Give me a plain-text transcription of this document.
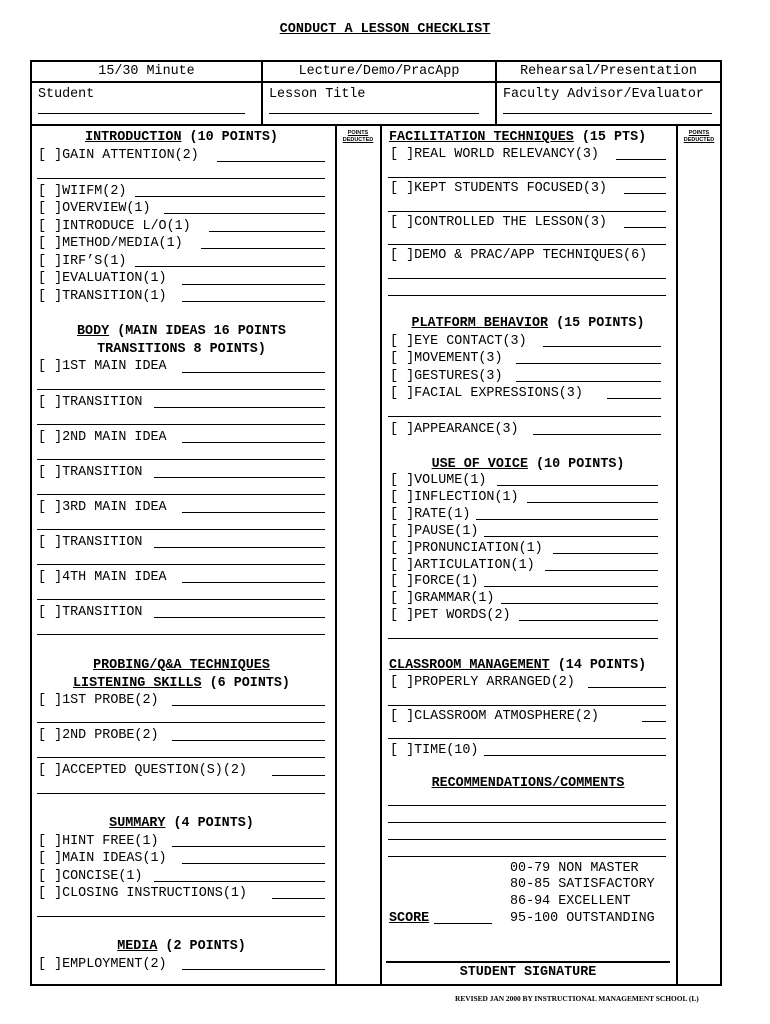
CONDUCT A LESSON CHECKLIST
15/30 Minute
Student
Lecture/Demo/PracApp
Lesson Title
Rehearsal/Presentation
Faculty Advisor/Evaluator
POINTS DEDUCTED
POINTS DEDUCTED
INTRODUCTION (10 POINTS)
[ ]GAIN ATTENTION(2)
[ ]WIIFM(2)
[ ]OVERVIEW(1)
[ ]INTRODUCE L/O(1)
[ ]METHOD/MEDIA(1)
[ ]IRF’S(1)
[ ]EVALUATION(1)
[ ]TRANSITION(1)
BODY (MAIN IDEAS 16 POINTS
TRANSITIONS 8 POINTS)
[ ]1ST MAIN IDEA
[ ]TRANSITION
[ ]2ND MAIN IDEA
[ ]TRANSITION
[ ]3RD MAIN IDEA
[ ]TRANSITION
[ ]4TH MAIN IDEA
[ ]TRANSITION
PROBING/Q&A TECHNIQUES
LISTENING SKILLS (6 POINTS)
[ ]1ST PROBE(2)
[ ]2ND PROBE(2)
[ ]ACCEPTED QUESTION(S)(2)
SUMMARY (4 POINTS)
[ ]HINT FREE(1)
[ ]MAIN IDEAS(1)
[ ]CONCISE(1)
[ ]CLOSING INSTRUCTIONS(1)
MEDIA (2 POINTS)
[ ]EMPLOYMENT(2)
FACILITATION TECHNIQUES (15 PTS)
[ ]REAL WORLD RELEVANCY(3)
[ ]KEPT STUDENTS FOCUSED(3)
[ ]CONTROLLED THE LESSON(3)
[ ]DEMO & PRAC/APP TECHNIQUES(6)
PLATFORM BEHAVIOR (15 POINTS)
[ ]EYE CONTACT(3)
[ ]MOVEMENT(3)
[ ]GESTURES(3)
[ ]FACIAL EXPRESSIONS(3)
[ ]APPEARANCE(3)
USE OF VOICE (10 POINTS)
[ ]VOLUME(1)
[ ]INFLECTION(1)
[ ]RATE(1)
[ ]PAUSE(1)
[ ]PRONUNCIATION(1)
[ ]ARTICULATION(1)
[ ]FORCE(1)
[ ]GRAMMAR(1)
[ ]PET WORDS(2)
CLASSROOM MANAGEMENT (14 POINTS)
[ ]PROPERLY ARRANGED(2)
[ ]CLASSROOM ATMOSPHERE(2)
[ ]TIME(10)
RECOMMENDATIONS/COMMENTS
00-79 NON MASTER
80-85 SATISFACTORY
86-94 EXCELLENT
95-100 OUTSTANDING
SCORE
STUDENT SIGNATURE
REVISED JAN 2000 BY INSTRUCTIONAL MANAGEMENT SCHOOL (L)
